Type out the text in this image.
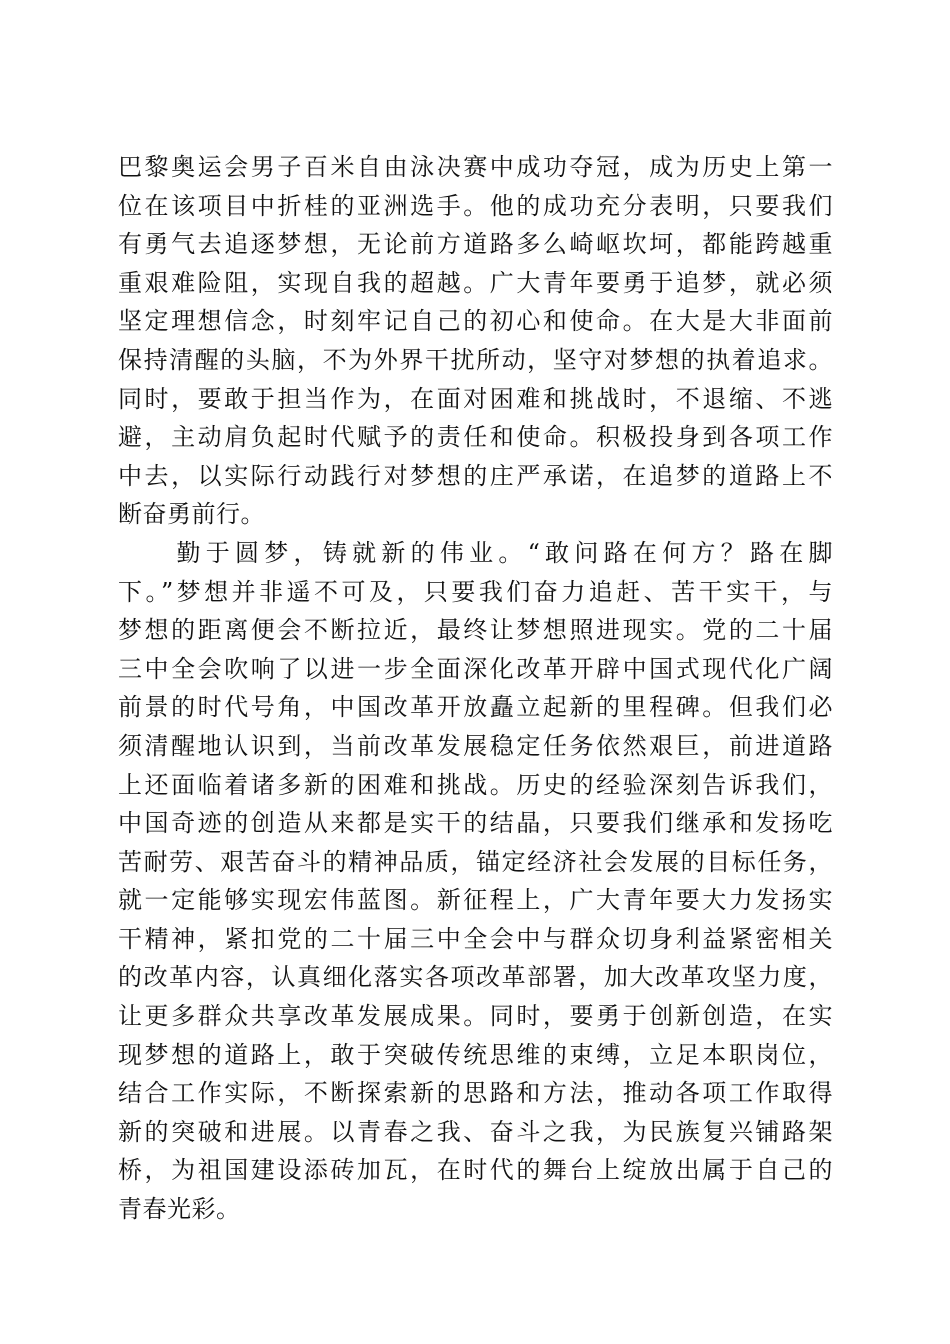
巴黎奥运会男子百米自由泳决赛中成功夺冠，成为历史上第一
位在该项目中折桂的亚洲选手。他的成功充分表明，只要我们
有勇气去追逐梦想，无论前方道路多么崎岖坎坷，都能跨越重
重艰难险阻，实现自我的超越。广大青年要勇于追梦，就必须
坚定理想信念，时刻牢记自己的初心和使命。在大是大非面前
保持清醒的头脑，不为外界干扰所动，坚守对梦想的执着追求。
同时，要敢于担当作为，在面对困难和挑战时，不退缩、不逃
避，主动肩负起时代赋予的责任和使命。积极投身到各项工作
中去，以实际行动践行对梦想的庄严承诺，在追梦的道路上不
断奋勇前行。
　　勤于圆梦，铸就新的伟业。“敢问路在何方？路在脚
下。”梦想并非遥不可及，只要我们奋力追赶、苦干实干，与
梦想的距离便会不断拉近，最终让梦想照进现实。党的二十届
三中全会吹响了以进一步全面深化改革开辟中国式现代化广阔
前景的时代号角，中国改革开放矗立起新的里程碑。但我们必
须清醒地认识到，当前改革发展稳定任务依然艰巨，前进道路
上还面临着诸多新的困难和挑战。历史的经验深刻告诉我们，
中国奇迹的创造从来都是实干的结晶，只要我们继承和发扬吃
苦耐劳、艰苦奋斗的精神品质，锚定经济社会发展的目标任务，
就一定能够实现宏伟蓝图。新征程上，广大青年要大力发扬实
干精神，紧扣党的二十届三中全会中与群众切身利益紧密相关
的改革内容，认真细化落实各项改革部署，加大改革攻坚力度，
让更多群众共享改革发展成果。同时，要勇于创新创造，在实
现梦想的道路上，敢于突破传统思维的束缚，立足本职岗位，
结合工作实际，不断探索新的思路和方法，推动各项工作取得
新的突破和进展。以青春之我、奋斗之我，为民族复兴铺路架
桥，为祖国建设添砖加瓦，在时代的舞台上绽放出属于自己的
青春光彩。
